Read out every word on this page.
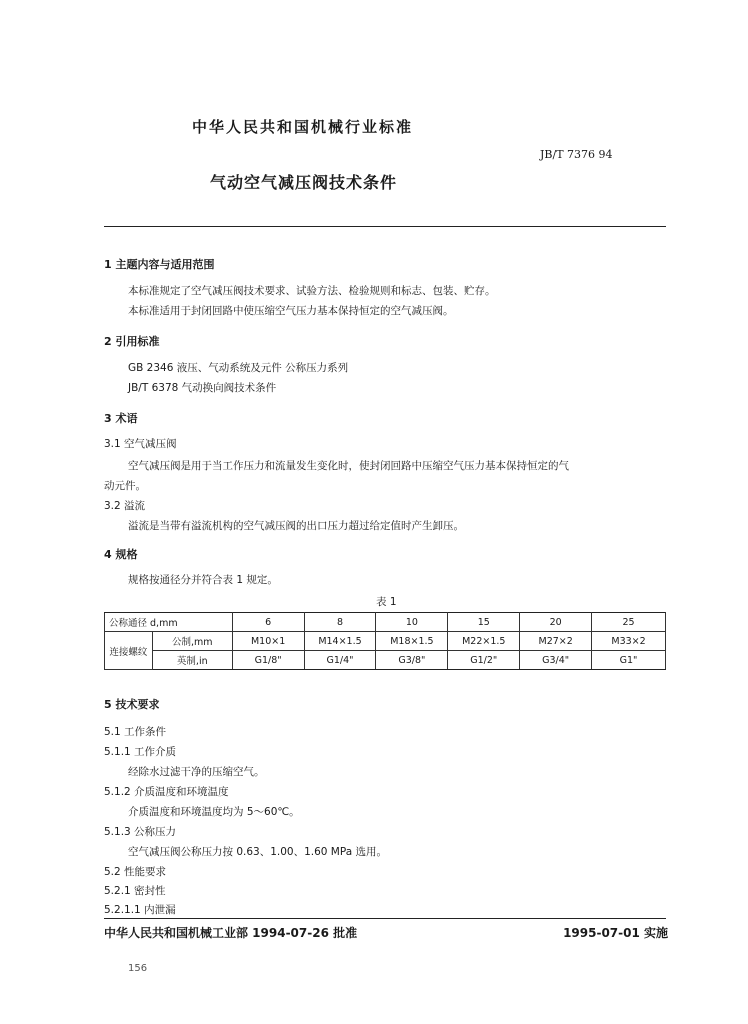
中华人民共和国机械行业标准
JB/T 7376 94
气动空气减压阀技术条件
1 主题内容与适用范围
本标准规定了空气减压阀技术要求、试验方法、检验规则和标志、包装、贮存。
本标准适用于封闭回路中使压缩空气压力基本保持恒定的空气减压阀。
2 引用标准
GB 2346 液压、气动系统及元件 公称压力系列
JB/T 6378 气动换向阀技术条件
3 术语
3.1 空气减压阀
空气减压阀是用于当工作压力和流量发生变化时，使封闭回路中压缩空气压力基本保持恒定的气
动元件。
3.2 溢流
溢流是当带有溢流机构的空气减压阀的出口压力超过给定值时产生卸压。
4 规格
规格按通径分并符合表 1 规定。
表 1
公称通径 d,mm		6	8	10	15	20	25
连接螺纹	公制,mm	M10×1	M14×1.5	M18×1.5	M22×1.5	M27×2	M33×2
	英制,in	G1/8"	G1/4"	G3/8"	G1/2"	G3/4"	G1"
5 技术要求
5.1 工作条件
5.1.1 工作介质
经除水过滤干净的压缩空气。
5.1.2 介质温度和环境温度
介质温度和环境温度均为 5～60℃。
5.1.3 公称压力
空气减压阀公称压力按 0.63、1.00、1.60 MPa 选用。
5.2 性能要求
5.2.1 密封性
5.2.1.1 内泄漏
中华人民共和国机械工业部 1994-07-26 批准	1995-07-01 实施
156
